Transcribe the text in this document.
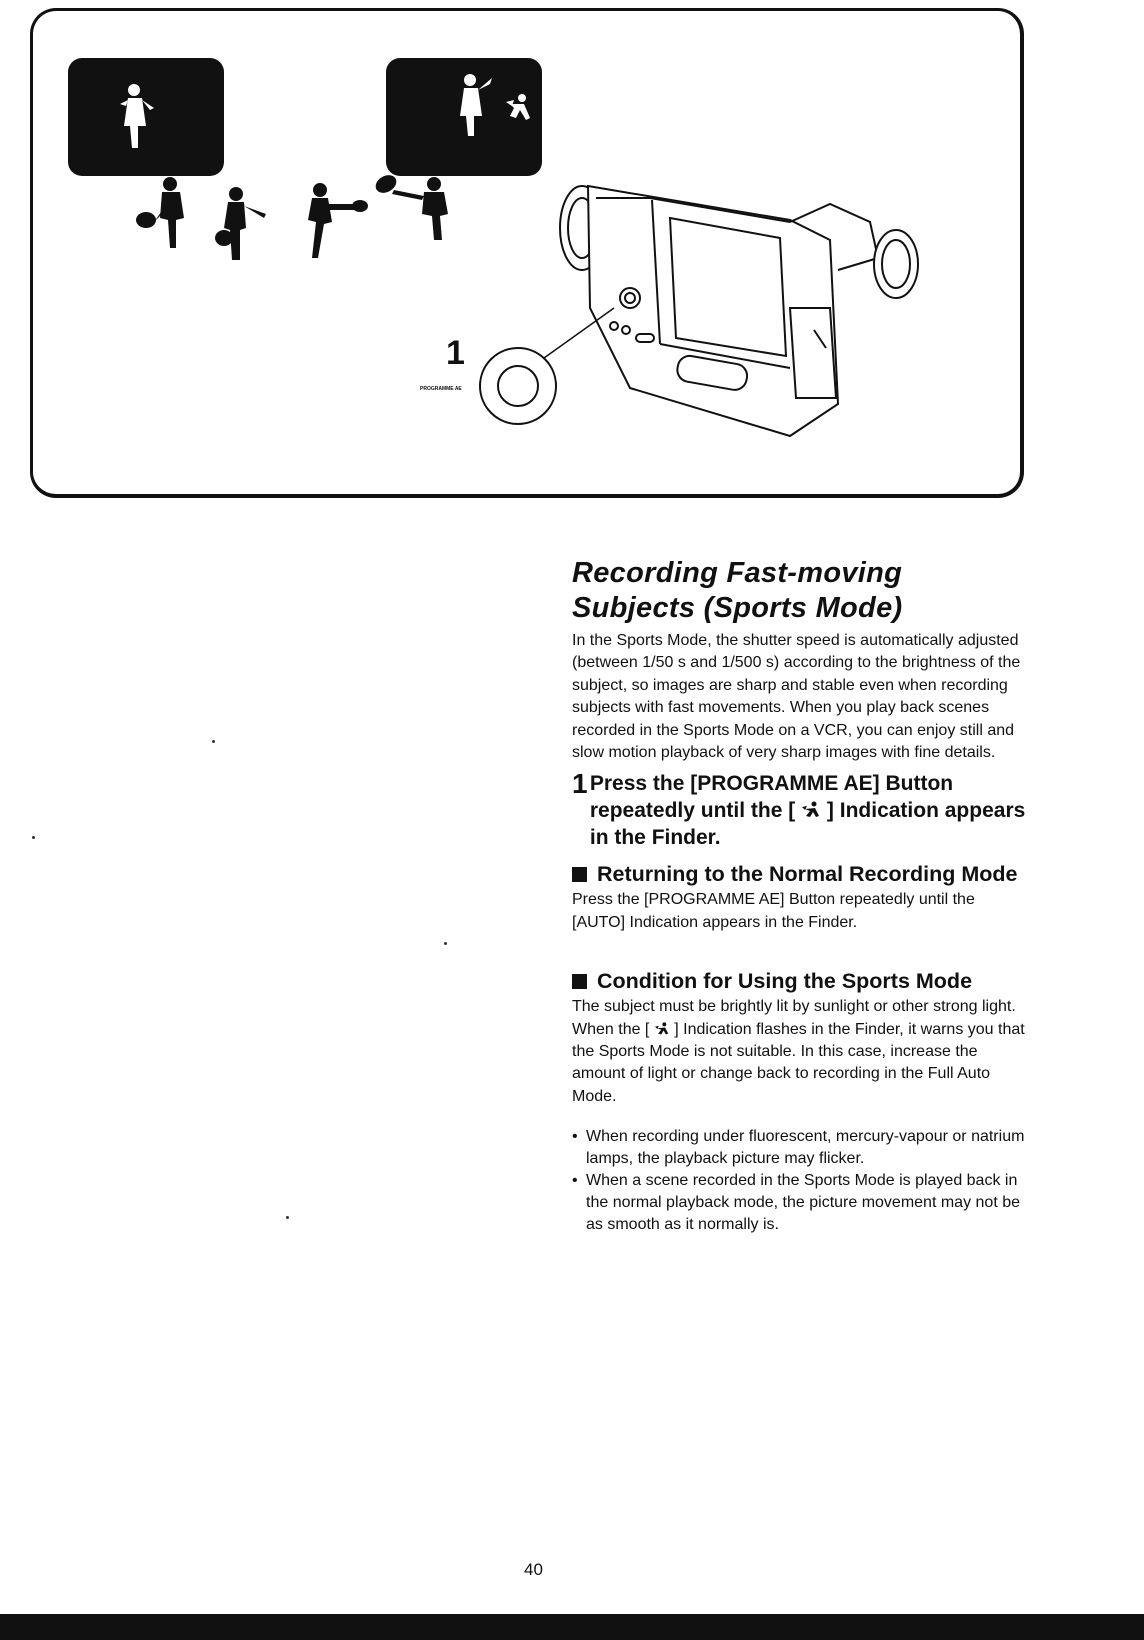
1
PROGRAMME AE
Recording Fast-moving
Subjects (Sports Mode)

In the Sports Mode, the shutter speed is automatically adjusted (between 1/50 s and 1/500 s) according to the brightness of the subject, so images are sharp and stable even when recording subjects with fast movements. When you play back scenes recorded in the Sports Mode on a VCR, you can enjoy still and slow motion playback of very sharp images with fine details.

1 Press the [PROGRAMME AE] Button repeatedly until the [ ] Indication appears in the Finder.
Returning to the Normal Recording Mode

Press the [PROGRAMME AE] Button repeatedly until the [AUTO] Indication appears in the Finder.

Condition for Using the Sports Mode

The subject must be brightly lit by sunlight or other strong light. When the [ ] Indication flashes in the Finder, it warns you that the Sports Mode is not suitable. In this case, increase the amount of light or change back to recording in the Full Auto Mode.

• When recording under fluorescent, mercury-vapour or natrium lamps, the playback picture may flicker.
• When a scene recorded in the Sports Mode is played back in the normal playback mode, the picture movement may not be as smooth as it normally is.
40
